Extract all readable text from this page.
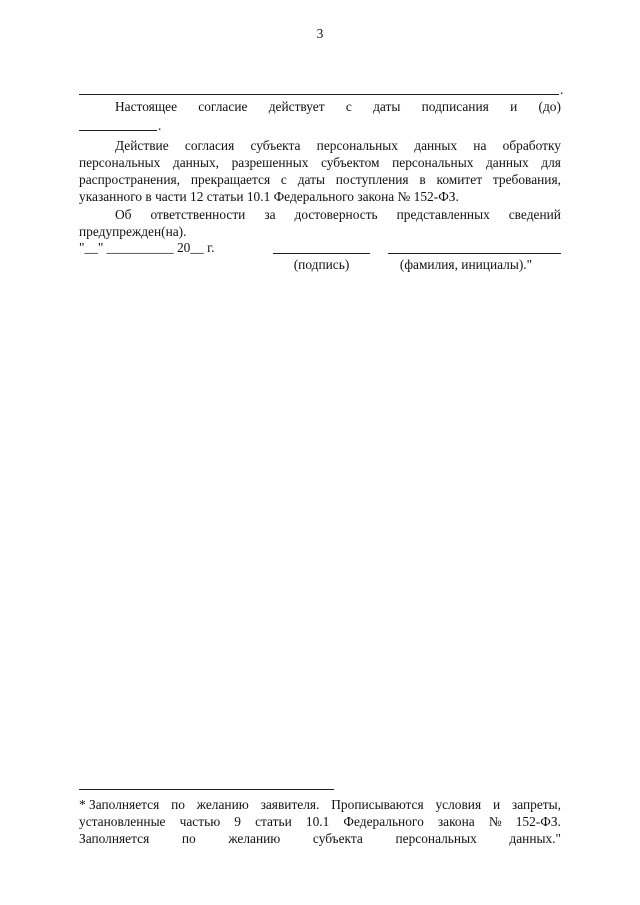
3
.
Настоящее согласие действует с даты подписания и (до)
.
Действие согласия субъекта персональных данных на обработку
персональных данных, разрешенных субъектом персональных данных для
распространения, прекращается с даты поступления в комитет требования,
указанного в части 12 статьи 10.1 Федерального закона № 152-ФЗ.
Об ответственности за достоверность представленных сведений
предупрежден(на).
"__" __________ 20__ г.
(подпись)	(фамилия, инициалы)."
* Заполняется по желанию заявителя. Прописываются условия и запреты,
установленные частью 9 статьи 10.1 Федерального закона № 152-ФЗ.
Заполняется по желанию субъекта персональных данных."
